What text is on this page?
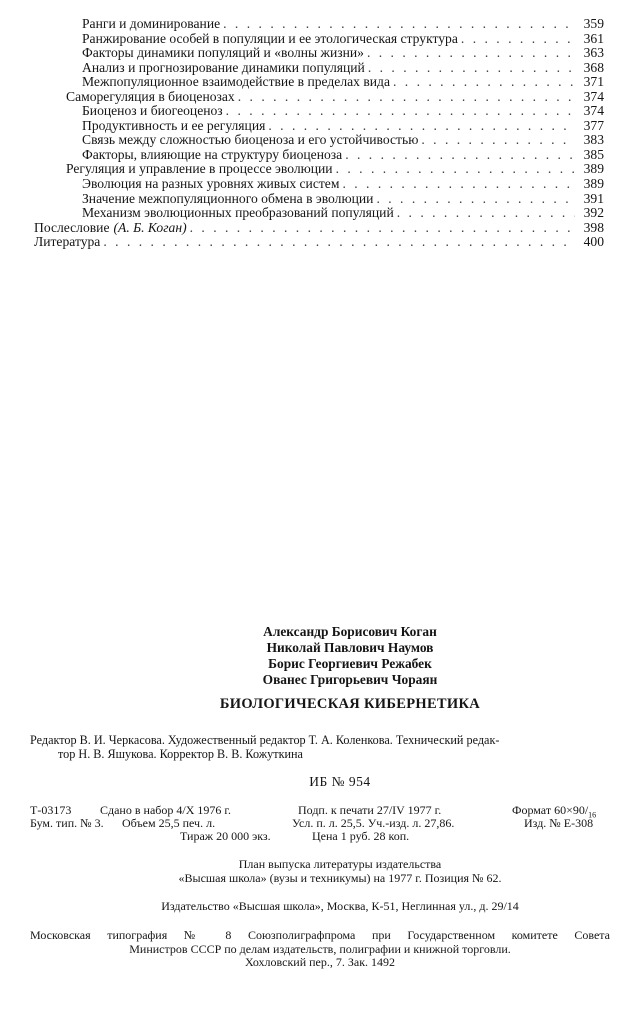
Ранги и доминирование . . .	359
Ранжирование особей в популяции и ее этологическая структура . . .	361
Факторы динамики популяций и «волны жизни» . . .	363
Анализ и прогнозирование динамики популяций . . .	368
Межпопуляционное взаимодействие в пределах вида . . .	371
Саморегуляция в биоценозах . . .	374
Биоценоз и биогеоценоз . . .	374
Продуктивность и ее регуляция . . .	377
Связь между сложностью биоценоза и его устойчивостью . . .	383
Факторы, влияющие на структуру биоценоза . . .	385
Регуляция и управление в процессе эволюции . . .	389
Эволюция на разных уровнях живых систем . . .	389
Значение межпопуляционного обмена в эволюции . . .	391
Механизм эволюционных преобразований популяций . . .	392
Послесловие (А. Б. Коган) . . .	398
Литература . . .	400
Александр Борисович Коган
Николай Павлович Наумов
Борис Георгиевич Режабек
Ованес Григорьевич Чораян
БИОЛОГИЧЕСКАЯ КИБЕРНЕТИКА
Редактор В. И. Черкасова. Художественный редактор Т. А. Коленкова. Технический редак-
тор Н. В. Яшукова. Корректор В. В. Кожуткина
ИБ № 954
Т-03173 Сдано в набор 4/X 1976 г.	Подп. к печати 27/IV 1977 г.	Формат $60\times 90/_{16}$
Бум. тип. № 3. Объем 25,5 печ. л.	Усл. п. л. 25,5. Уч.-изд. л. 27,86.	Изд. № Е-308
Тираж 20 000 экз.	Цена 1 руб. 28 коп.
План выпуска литературы издательства
«Высшая школа» (вузы и техникумы) на 1977 г. Позиция № 62.
Издательство «Высшая школа», Москва, К-51, Неглинная ул., д. 29/14
Московская типография № 8 Союзполиграфпрома при Государственном комитете Совета
Министров СССР по делам издательств, полиграфии и книжной торговли.
Хохловский пер., 7. Зак. 1492
